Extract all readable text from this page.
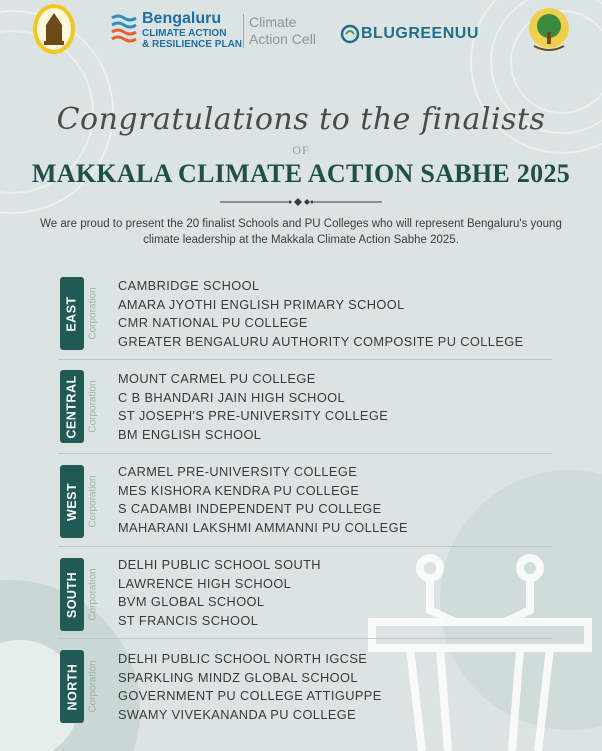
Bengaluru
CLIMATE ACTION
& RESILIENCE PLAN
Climate
Action Cell	BLUGREENUU
Congratulations to the finalists
OF
MAKKALA CLIMATE ACTION SABHE 2025
We are proud to present the 20 finalist Schools and PU Colleges who will represent Bengaluru's young climate leadership at the Makkala Climate Action Sabhe 2025.
EAST Corporation
CAMBRIDGE SCHOOL
AMARA JYOTHI ENGLISH PRIMARY SCHOOL
CMR NATIONAL PU COLLEGE
GREATER BENGALURU AUTHORITY COMPOSITE PU COLLEGE
CENTRAL Corporation
MOUNT CARMEL PU COLLEGE
C B BHANDARI JAIN HIGH SCHOOL
ST JOSEPH'S PRE-UNIVERSITY COLLEGE
BM ENGLISH SCHOOL
WEST Corporation
CARMEL PRE-UNIVERSITY COLLEGE
MES KISHORA KENDRA PU COLLEGE
S CADAMBI INDEPENDENT PU COLLEGE
MAHARANI LAKSHMI AMMANNI PU COLLEGE
SOUTH Corporation
DELHI PUBLIC SCHOOL SOUTH
LAWRENCE HIGH SCHOOL
BVM GLOBAL SCHOOL
ST FRANCIS SCHOOL
NORTH Corporation
DELHI PUBLIC SCHOOL NORTH IGCSE
SPARKLING MINDZ GLOBAL SCHOOL
GOVERNMENT PU COLLEGE ATTIGUPPE
SWAMY VIVEKANANDA PU COLLEGE
